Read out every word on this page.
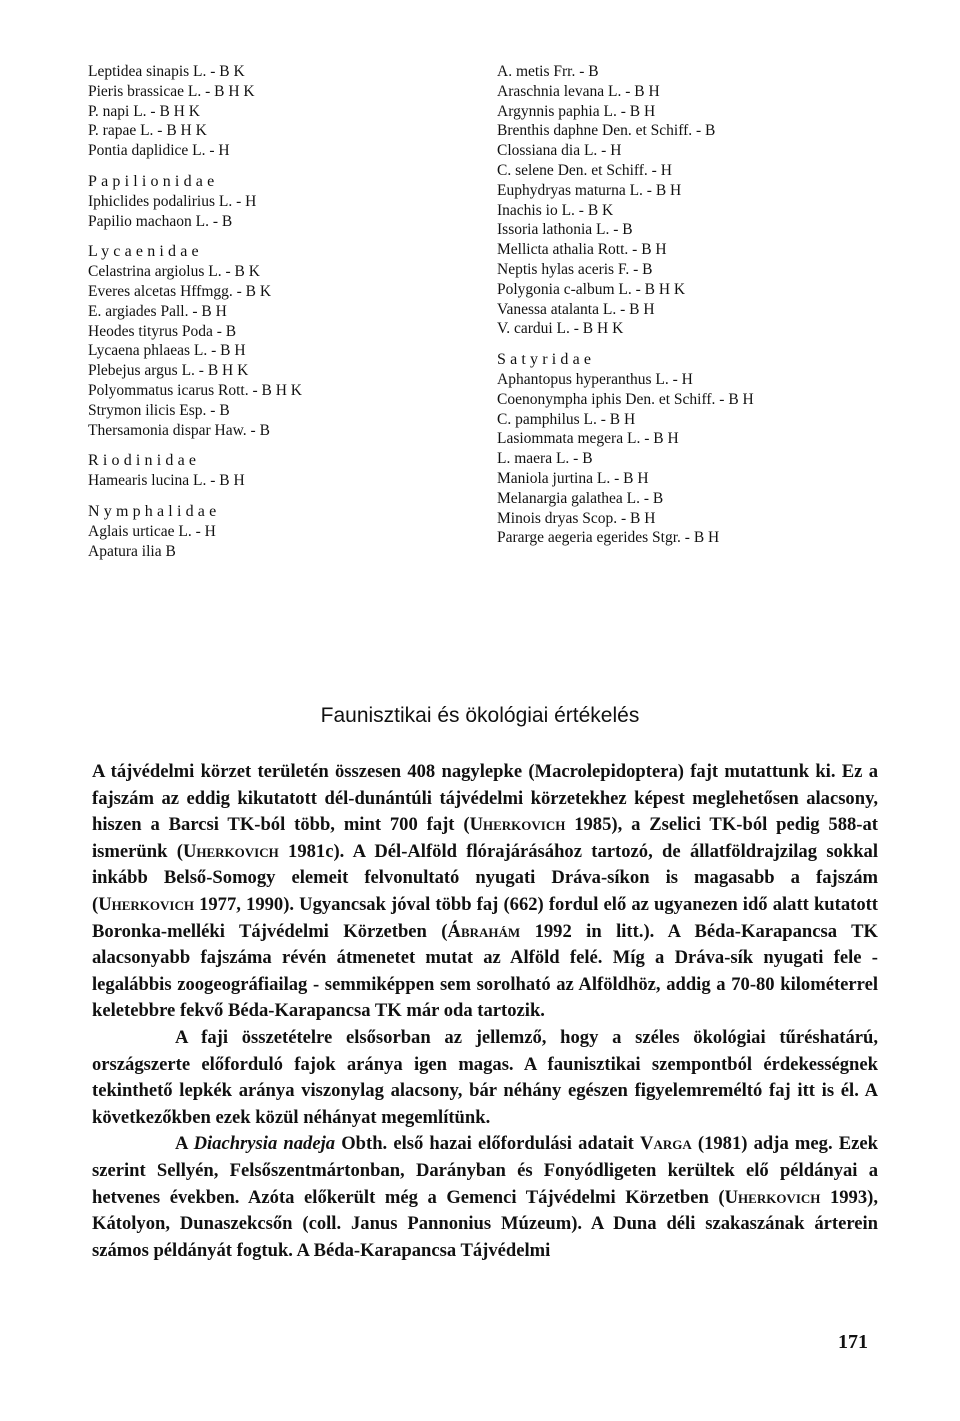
Leptidea sinapis L. - B K
Pieris brassicae L. - B H K
P. napi L. - B H K
P. rapae L. - B H K
Pontia daplidice L. - H
Papilionidae
Iphiclides podalirius L. - H
Papilio machaon L. - B
Lycaenidae
Celastrina argiolus L. - B K
Everes alcetas Hffmgg. - B K
E. argiades Pall. - B H
Heodes tityrus Poda - B
Lycaena phlaeas L. - B H
Plebejus argus L. - B H K
Polyommatus icarus Rott. - B H K
Strymon ilicis Esp. - B
Thersamonia dispar Haw. - B
Riodinidae
Hamearis lucina L. - B H
Nymphalidae
Aglais urticae L. - H
Apatura ilia B
A. metis Frr. - B
Araschnia levana L. - B H
Argynnis paphia L. - B H
Brenthis daphne Den. et Schiff. - B
Clossiana dia L. - H
C. selene Den. et Schiff. - H
Euphydryas maturna L. - B H
Inachis io L. - B K
Issoria lathonia L. - B
Mellicta athalia Rott. - B H
Neptis hylas aceris F. - B
Polygonia c-album L. - B H K
Vanessa atalanta L. - B H
V. cardui L. - B H K
Satyridae
Aphantopus hyperanthus L. - H
Coenonympha iphis Den. et Schiff. - B H
C. pamphilus L. - B H
Lasiommata megera L. - B H
L. maera L. - B
Maniola jurtina L. - B H
Melanargia galathea L. - B
Minois dryas Scop. - B H
Pararge aegeria egerides Stgr. - B H
Faunisztikai és ökológiai értékelés

A tájvédelmi körzet területén összesen 408 nagylepke (Macrolepidoptera) fajt mutattunk ki. Ez a fajszám az eddig kikutatott dél-dunántúli tájvédelmi körzetekhez képest meglehetősen alacsony, hiszen a Barcsi TK-ból több, mint 700 fajt (Uherkovich 1985), a Zselici TK-ból pedig 588-at ismerünk (Uherkovich 1981c). A Dél-Alföld flórajárásához tartozó, de állatföldrajzilag sokkal inkább Belső-Somogy elemeit felvonultató nyugati Dráva-síkon is magasabb a fajszám (Uherkovich 1977, 1990). Ugyancsak jóval több faj (662) fordul elő az ugyanezen idő alatt kutatott Boronka-melléki Tájvédelmi Körzetben (Ábrahám 1992 in litt.). A Béda-Karapancsa TK alacsonyabb fajszáma révén átmenetet mutat az Alföld felé. Míg a Dráva-sík nyugati fele - legalábbis zoogeográfiailag - semmiképpen sem sorolható az Alföldhöz, addig a 70-80 kilométerrel keletebbre fekvő Béda-Karapancsa TK már oda tartozik.

A faji összetételre elsősorban az jellemző, hogy a széles ökológiai tűréshatárú, országszerte előforduló fajok aránya igen magas. A faunisztikai szempontból érdekességnek tekinthető lepkék aránya viszonylag alacsony, bár néhány egészen figyelemreméltó faj itt is él. A következőkben ezek közül néhányat megemlítünk.

A Diachrysia nadeja Obth. első hazai előfordulási adatait Varga (1981) adja meg. Ezek szerint Sellyén, Felsőszentmártonban, Darányban és Fonyódligeten kerültek elő példányai a hetvenes években. Azóta előkerült még a Gemenci Tájvédelmi Körzetben (Uherkovich 1993), Kátolyon, Dunaszekcsőn (coll. Janus Pannonius Múzeum). A Duna déli szakaszának árterein számos példányát fogtuk. A Béda-Karapancsa Tájvédelmi

171
